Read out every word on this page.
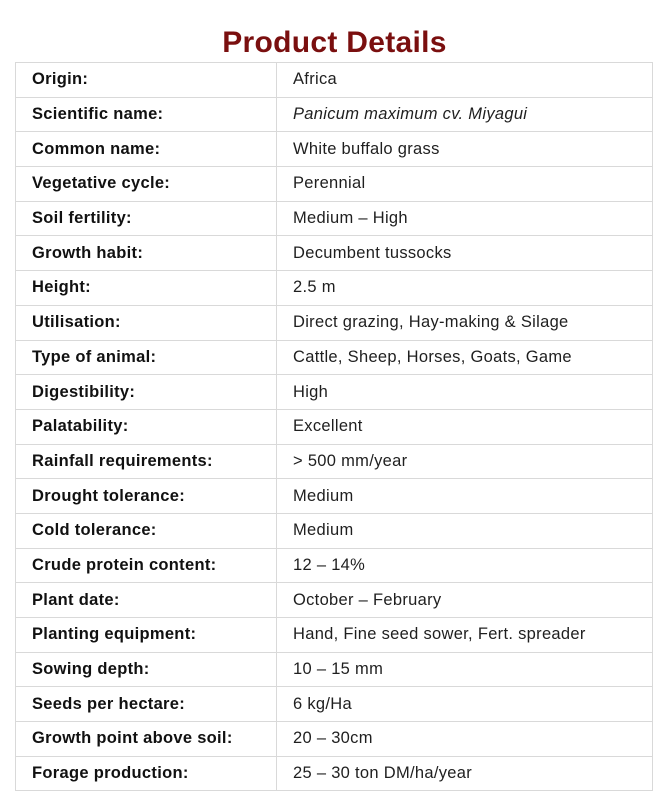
Product Details
Origin:	Africa
Scientific name:	Panicum maximum cv. Miyagui
Common name:	White buffalo grass
Vegetative cycle:	Perennial
Soil fertility:	Medium – High
Growth habit:	Decumbent tussocks
Height:	2.5 m
Utilisation:	Direct grazing, Hay-making & Silage
Type of animal:	Cattle, Sheep, Horses, Goats, Game
Digestibility:	High
Palatability:	Excellent
Rainfall requirements:	> 500 mm/year
Drought tolerance:	Medium
Cold tolerance:	Medium
Crude protein content:	12 – 14%
Plant date:	October – February
Planting equipment:	Hand, Fine seed sower, Fert. spreader
Sowing depth:	10 – 15 mm
Seeds per hectare:	6 kg/Ha
Growth point above soil:	20 – 30cm
Forage production:	25 – 30 ton DM/ha/year
